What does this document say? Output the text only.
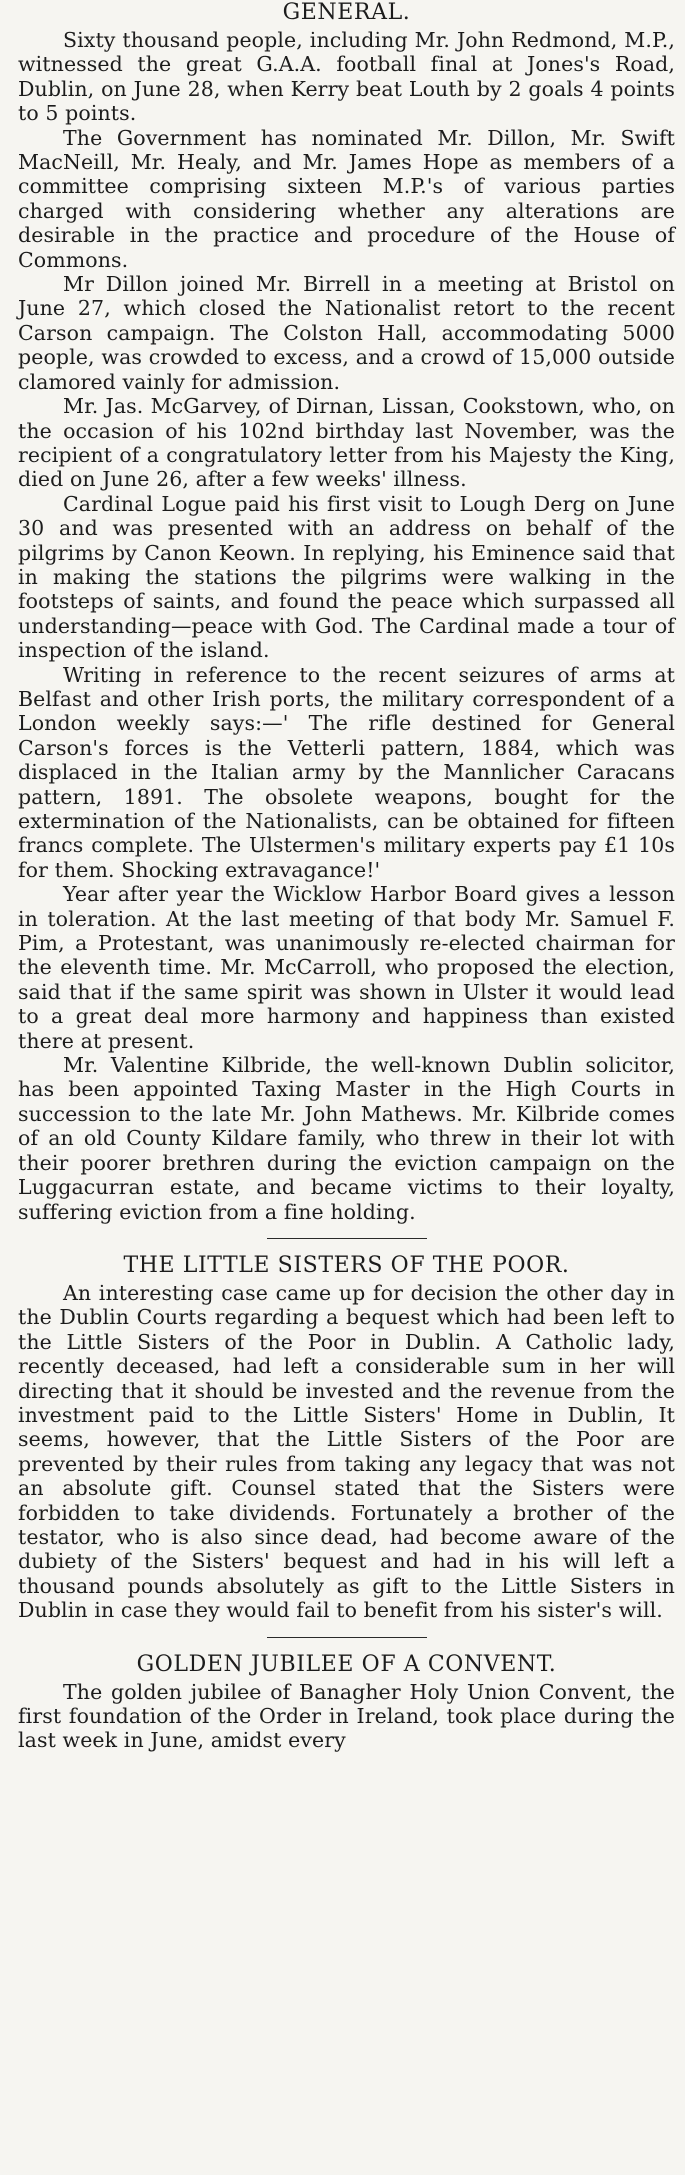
GENERAL.

Sixty thousand people, including Mr. John Redmond, M.P., witnessed the great G.A.A. football final at Jones's Road, Dublin, on June 28, when Kerry beat Louth by 2 goals 4 points to 5 points.

The Government has nominated Mr. Dillon, Mr. Swift MacNeill, Mr. Healy, and Mr. James Hope as members of a committee comprising sixteen M.P.'s of various parties charged with considering whether any alterations are desirable in the practice and procedure of the House of Commons.

Mr Dillon joined Mr. Birrell in a meeting at Bristol on June 27, which closed the Nationalist retort to the recent Carson campaign. The Colston Hall, accommodating 5000 people, was crowded to excess, and a crowd of 15,000 outside clamored vainly for admission.

Mr. Jas. McGarvey, of Dirnan, Lissan, Cookstown, who, on the occasion of his 102nd birthday last November, was the recipient of a congratulatory letter from his Majesty the King, died on June 26, after a few weeks' illness.

Cardinal Logue paid his first visit to Lough Derg on June 30 and was presented with an address on behalf of the pilgrims by Canon Keown. In replying, his Eminence said that in making the stations the pilgrims were walking in the footsteps of saints, and found the peace which surpassed all understanding—peace with God. The Cardinal made a tour of inspection of the island.

Writing in reference to the recent seizures of arms at Belfast and other Irish ports, the military correspondent of a London weekly says:—' The rifle destined for General Carson's forces is the Vetterli pattern, 1884, which was displaced in the Italian army by the Mannlicher Caracans pattern, 1891. The obsolete weapons, bought for the extermination of the Nationalists, can be obtained for fifteen francs complete. The Ulstermen's military experts pay £1 10s for them. Shocking extravagance!'

Year after year the Wicklow Harbor Board gives a lesson in toleration. At the last meeting of that body Mr. Samuel F. Pim, a Protestant, was unanimously re-elected chairman for the eleventh time. Mr. McCarroll, who proposed the election, said that if the same spirit was shown in Ulster it would lead to a great deal more harmony and happiness than existed there at present.

Mr. Valentine Kilbride, the well-known Dublin solicitor, has been appointed Taxing Master in the High Courts in succession to the late Mr. John Mathews. Mr. Kilbride comes of an old County Kildare family, who threw in their lot with their poorer brethren during the eviction campaign on the Luggacurran estate, and became victims to their loyalty, suffering eviction from a fine holding.

THE LITTLE SISTERS OF THE POOR.

An interesting case came up for decision the other day in the Dublin Courts regarding a bequest which had been left to the Little Sisters of the Poor in Dublin. A Catholic lady, recently deceased, had left a considerable sum in her will directing that it should be invested and the revenue from the investment paid to the Little Sisters' Home in Dublin, It seems, however, that the Little Sisters of the Poor are prevented by their rules from taking any legacy that was not an absolute gift. Counsel stated that the Sisters were forbidden to take dividends. Fortunately a brother of the testator, who is also since dead, had become aware of the dubiety of the Sisters' bequest and had in his will left a thousand pounds absolutely as gift to the Little Sisters in Dublin in case they would fail to benefit from his sister's will.

GOLDEN JUBILEE OF A CONVENT.

The golden jubilee of Banagher Holy Union Convent, the first foundation of the Order in Ireland, took place during the last week in June, amidst every
